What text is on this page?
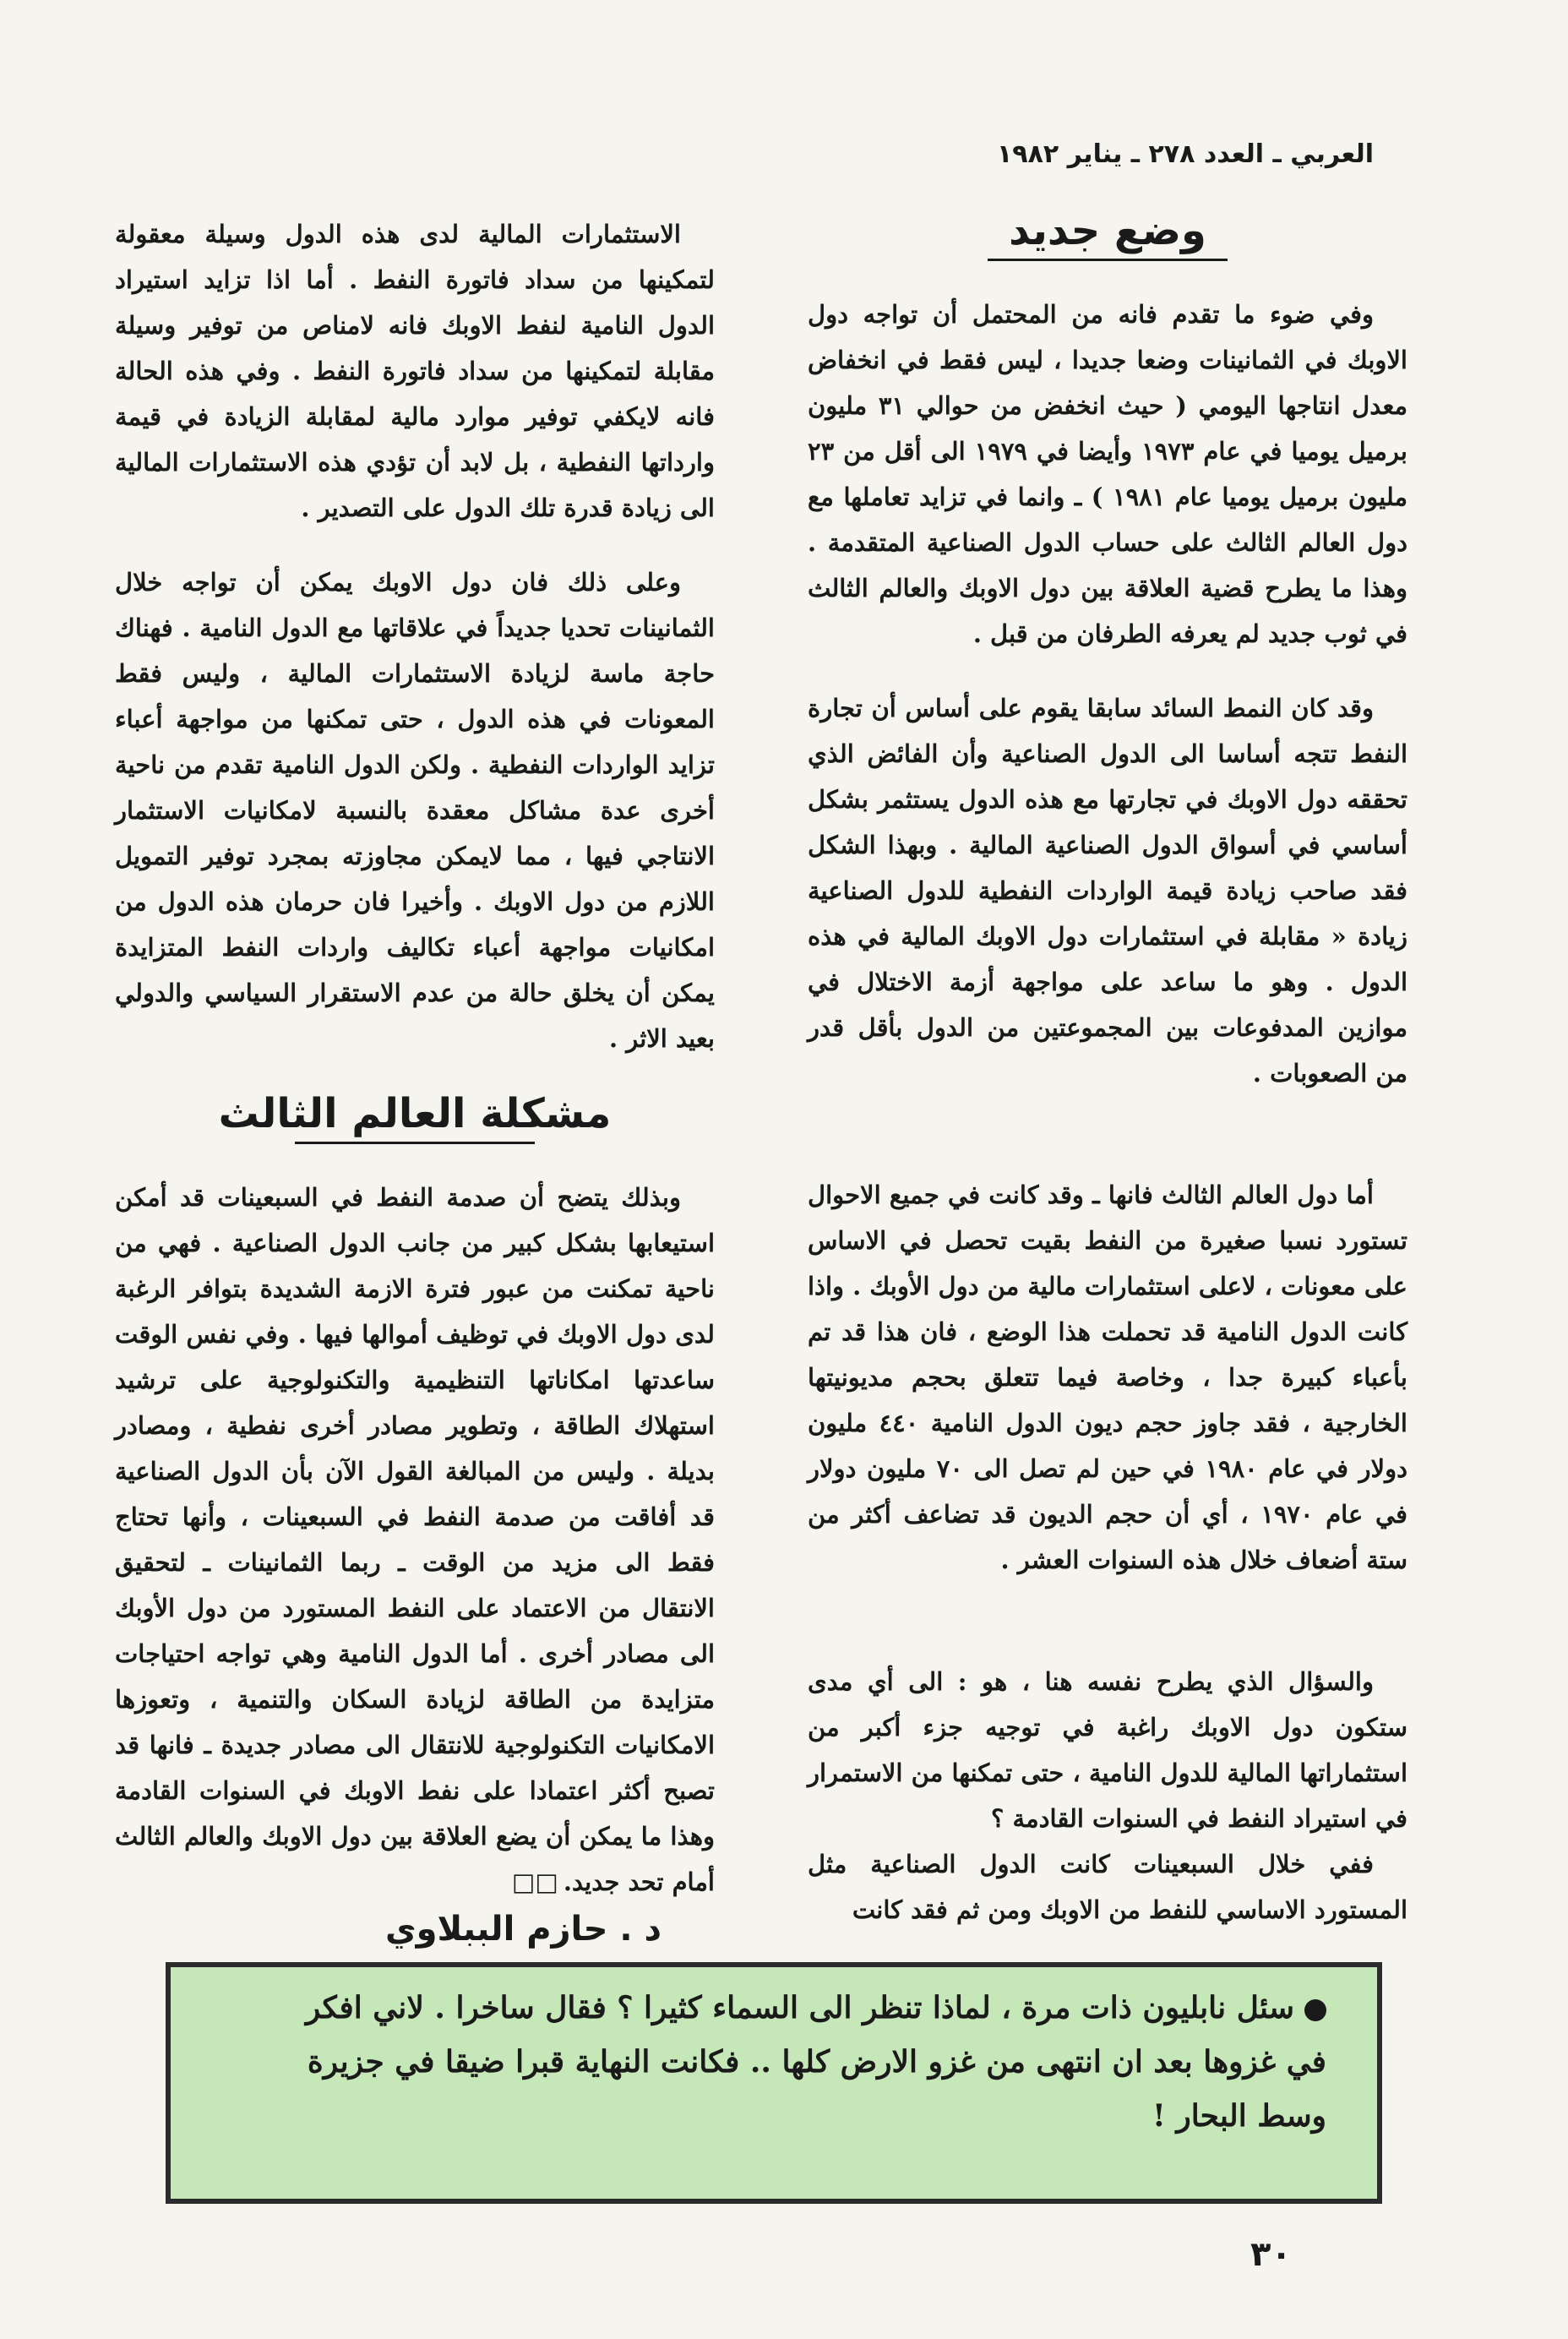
العربي ـ العدد ٢٧٨ ـ يناير ١٩٨٢
وضع جديد

وفي ضوء ما تقدم فانه من المحتمل أن تواجه دول الاوبك في الثمانينات وضعا جديدا ، ليس فقط في انخفاض معدل انتاجها اليومي ( حيث انخفض من حوالي ٣١ مليون برميل يوميا في عام ١٩٧٣ وأيضا في ١٩٧٩ الى أقل من ٢٣ مليون برميل يوميا عام ١٩٨١ ) ـ وانما في تزايد تعاملها مع دول العالم الثالث على حساب الدول الصناعية المتقدمة . وهذا ما يطرح قضية العلاقة بين دول الاوبك والعالم الثالث في ثوب جديد لم يعرفه الطرفان من قبل .

وقد كان النمط السائد سابقا يقوم على أساس أن تجارة النفط تتجه أساسا الى الدول الصناعية وأن الفائض الذي تحققه دول الاوبك في تجارتها مع هذه الدول يستثمر بشكل أساسي في أسواق الدول الصناعية المالية . وبهذا الشكل فقد صاحب زيادة قيمة الواردات النفطية للدول الصناعية زيادة « مقابلة في استثمارات دول الاوبك المالية في هذه الدول . وهو ما ساعد على مواجهة أزمة الاختلال في موازين المدفوعات بين المجموعتين من الدول بأقل قدر من الصعوبات .

أما دول العالم الثالث فانها ـ وقد كانت في جميع الاحوال تستورد نسبا صغيرة من النفط بقيت تحصل في الاساس على معونات ، لاعلى استثمارات مالية من دول الأوبك . واذا كانت الدول النامية قد تحملت هذا الوضع ، فان هذا قد تم بأعباء كبيرة جدا ، وخاصة فيما تتعلق بحجم مديونيتها الخارجية ، فقد جاوز حجم ديون الدول النامية ٤٤٠ مليون دولار في عام ١٩٨٠ في حين لم تصل الى ٧٠ مليون دولار في عام ١٩٧٠ ، أي أن حجم الديون قد تضاعف أكثر من ستة أضعاف خلال هذه السنوات العشر .

والسؤال الذي يطرح نفسه هنا ، هو : الى أي مدى ستكون دول الاوبك راغبة في توجيه جزء أكبر من استثماراتها المالية للدول النامية ، حتى تمكنها من الاستمرار في استيراد النفط في السنوات القادمة ؟

ففي خلال السبعينات كانت الدول الصناعية مثل المستورد الاساسي للنفط من الاوبك ومن ثم فقد كانت

الاستثمارات المالية لدى هذه الدول وسيلة معقولة لتمكينها من سداد فاتورة النفط . أما اذا تزايد استيراد الدول النامية لنفط الاوبك فانه لامناص من توفير وسيلة مقابلة لتمكينها من سداد فاتورة النفط . وفي هذه الحالة فانه لايكفي توفير موارد مالية لمقابلة الزيادة في قيمة وارداتها النفطية ، بل لابد أن تؤدي هذه الاستثمارات المالية الى زيادة قدرة تلك الدول على التصدير .

وعلى ذلك فان دول الاوبك يمكن أن تواجه خلال الثمانينات تحديا جديداً في علاقاتها مع الدول النامية . فهناك حاجة ماسة لزيادة الاستثمارات المالية ، وليس فقط المعونات في هذه الدول ، حتى تمكنها من مواجهة أعباء تزايد الواردات النفطية . ولكن الدول النامية تقدم من ناحية أخرى عدة مشاكل معقدة بالنسبة لامكانيات الاستثمار الانتاجي فيها ، مما لايمكن مجاوزته بمجرد توفير التمويل اللازم من دول الاوبك . وأخيرا فان حرمان هذه الدول من امكانيات مواجهة أعباء تكاليف واردات النفط المتزايدة يمكن أن يخلق حالة من عدم الاستقرار السياسي والدولي بعيد الاثر .

مشكلة العالم الثالث

وبذلك يتضح أن صدمة النفط في السبعينات قد أمكن استيعابها بشكل كبير من جانب الدول الصناعية . فهي من ناحية تمكنت من عبور فترة الازمة الشديدة بتوافر الرغبة لدى دول الاوبك في توظيف أموالها فيها . وفي نفس الوقت ساعدتها امكاناتها التنظيمية والتكنولوجية على ترشيد استهلاك الطاقة ، وتطوير مصادر أخرى نفطية ، ومصادر بديلة . وليس من المبالغة القول الآن بأن الدول الصناعية قد أفاقت من صدمة النفط في السبعينات ، وأنها تحتاج فقط الى مزيد من الوقت ـ ربما الثمانينات ـ لتحقيق الانتقال من الاعتماد على النفط المستورد من دول الأوبك الى مصادر أخرى . أما الدول النامية وهي تواجه احتياجات متزايدة من الطاقة لزيادة السكان والتنمية ، وتعوزها الامكانيات التكنولوجية للانتقال الى مصادر جديدة ـ فانها قد تصبح أكثر اعتمادا على نفط الاوبك في السنوات القادمة وهذا ما يمكن أن يضع العلاقة بين دول الاوبك والعالم الثالث أمام تحد جديد.□□

د . حازم الببلاوي

سئل نابليون ذات مرة ، لماذا تنظر الى السماء كثيرا ؟ فقال ساخرا . لاني افكر في غزوها بعد ان انتهى من غزو الارض كلها .. فكانت النهاية قبرا ضيقا في جزيرة وسط البحار !

٣٠
